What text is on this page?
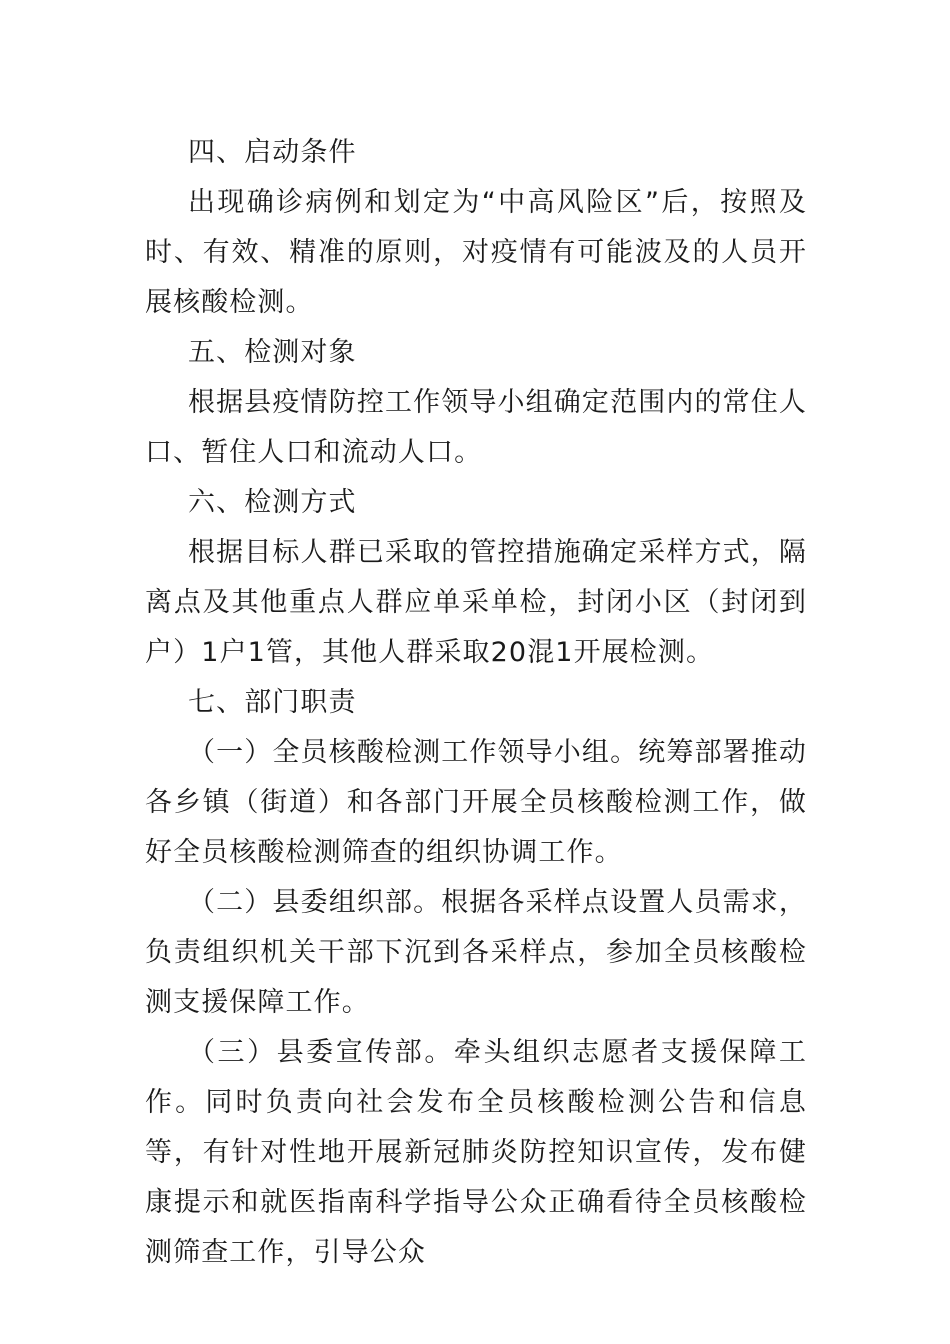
四、启动条件

出现确诊病例和划定为“中高风险区”后，按照及时、有效、精准的原则，对疫情有可能波及的人员开展核酸检测。

五、检测对象

根据县疫情防控工作领导小组确定范围内的常住人口、暂住人口和流动人口。

六、检测方式

根据目标人群已采取的管控措施确定采样方式，隔离点及其他重点人群应单采单检，封闭小区（封闭到户）1户1管，其他人群采取20混1开展检测。

七、部门职责

（一）全员核酸检测工作领导小组。统筹部署推动各乡镇（街道）和各部门开展全员核酸检测工作，做好全员核酸检测筛查的组织协调工作。

（二）县委组织部。根据各采样点设置人员需求，负责组织机关干部下沉到各采样点，参加全员核酸检测支援保障工作。

（三）县委宣传部。牵头组织志愿者支援保障工作。同时负责向社会发布全员核酸检测公告和信息等，有针对性地开展新冠肺炎防控知识宣传，发布健康提示和就医指南科学指导公众正确看待全员核酸检测筛查工作，引导公众
